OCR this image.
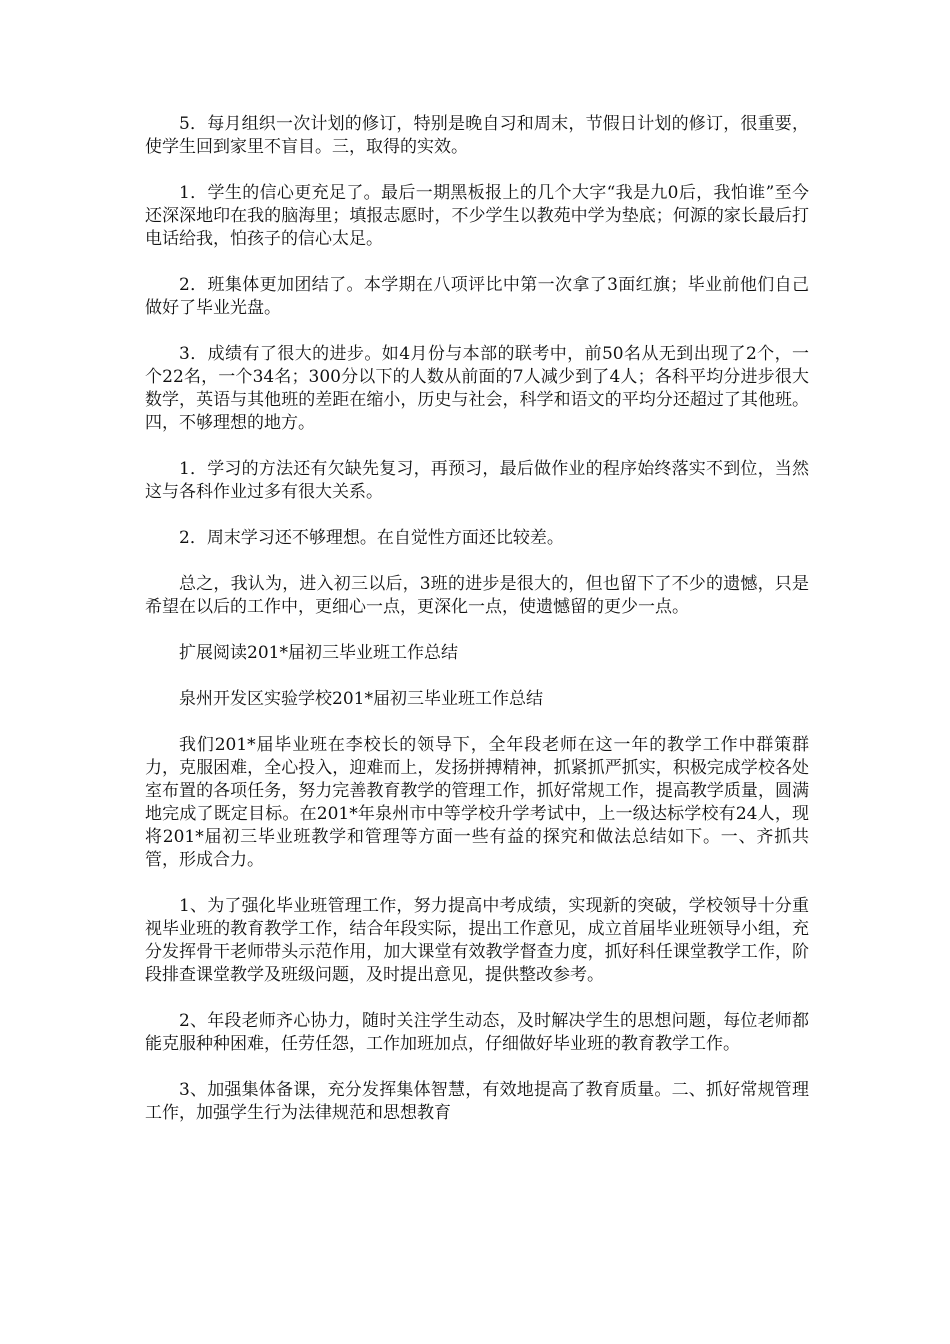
5．每月组织一次计划的修订，特别是晚自习和周末，节假日计划的修订，很重要，使学生回到家里不盲目。三，取得的实效。

1．学生的信心更充足了。最后一期黑板报上的几个大字“我是九0后，我怕谁”至今还深深地印在我的脑海里；填报志愿时，不少学生以教苑中学为垫底；何源的家长最后打电话给我，怕孩子的信心太足。

2．班集体更加团结了。本学期在八项评比中第一次拿了3面红旗；毕业前他们自己做好了毕业光盘。

3．成绩有了很大的进步。如4月份与本部的联考中，前50名从无到出现了2个，一个22名，一个34名；300分以下的人数从前面的7人减少到了4人；各科平均分进步很大数学，英语与其他班的差距在缩小，历史与社会，科学和语文的平均分还超过了其他班。四，不够理想的地方。

1．学习的方法还有欠缺先复习，再预习，最后做作业的程序始终落实不到位，当然这与各科作业过多有很大关系。

2．周末学习还不够理想。在自觉性方面还比较差。

总之，我认为，进入初三以后，3班的进步是很大的，但也留下了不少的遗憾，只是希望在以后的工作中，更细心一点，更深化一点，使遗憾留的更少一点。

扩展阅读201*届初三毕业班工作总结

泉州开发区实验学校201*届初三毕业班工作总结

我们201*届毕业班在李校长的领导下，全年段老师在这一年的教学工作中群策群力，克服困难，全心投入，迎难而上，发扬拼搏精神，抓紧抓严抓实，积极完成学校各处室布置的各项任务，努力完善教育教学的管理工作，抓好常规工作，提高教学质量，圆满地完成了既定目标。在201*年泉州市中等学校升学考试中，上一级达标学校有24人，现将201*届初三毕业班教学和管理等方面一些有益的探究和做法总结如下。一、齐抓共管，形成合力。

1、为了强化毕业班管理工作，努力提高中考成绩，实现新的突破，学校领导十分重视毕业班的教育教学工作，结合年段实际，提出工作意见，成立首届毕业班领导小组，充分发挥骨干老师带头示范作用，加大课堂有效教学督查力度，抓好科任课堂教学工作，阶段排查课堂教学及班级问题，及时提出意见，提供整改参考。

2、年段老师齐心协力，随时关注学生动态，及时解决学生的思想问题，每位老师都能克服种种困难，任劳任怨，工作加班加点，仔细做好毕业班的教育教学工作。

3、加强集体备课，充分发挥集体智慧，有效地提高了教育质量。二、抓好常规管理工作，加强学生行为法律规范和思想教育
